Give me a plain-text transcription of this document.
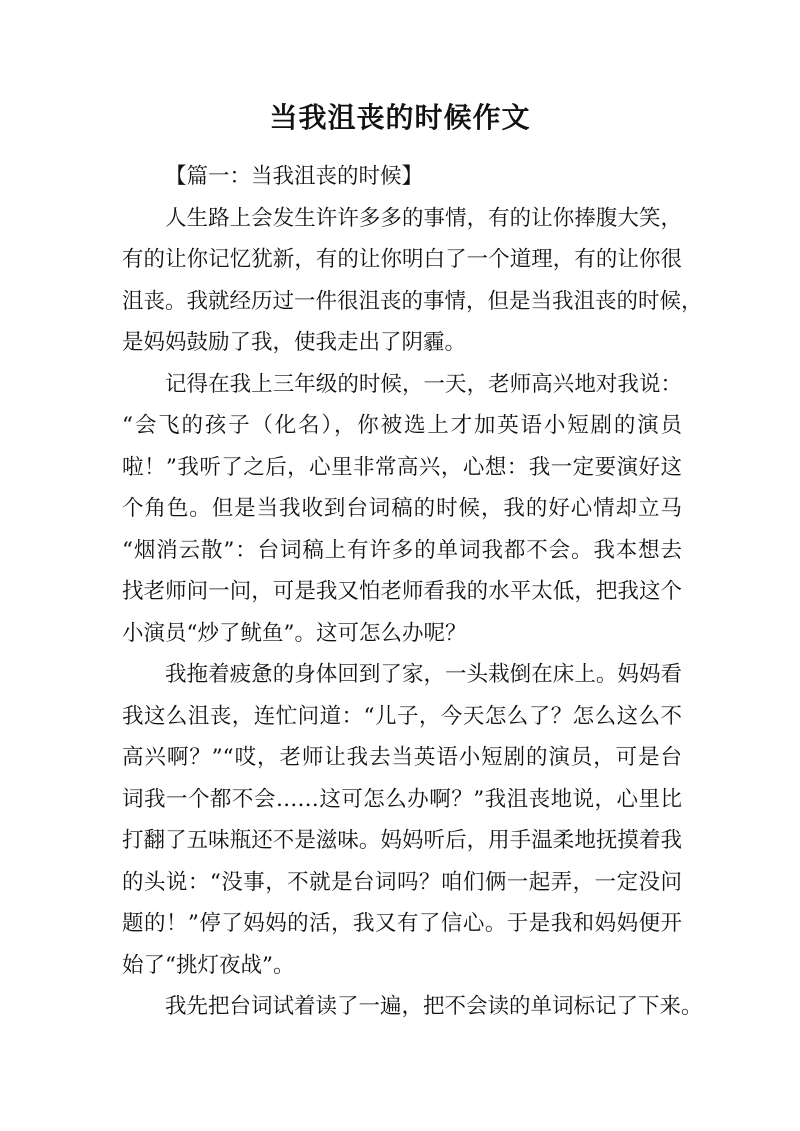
当我沮丧的时候作文
【篇一：当我沮丧的时候】
人生路上会发生许许多多的事情，有的让你捧腹大笑，
有的让你记忆犹新，有的让你明白了一个道理，有的让你很
沮丧。我就经历过一件很沮丧的事情，但是当我沮丧的时候，
是妈妈鼓励了我，使我走出了阴霾。
记得在我上三年级的时候，一天，老师高兴地对我说：
“会飞的孩子（化名），你被选上才加英语小短剧的演员
啦！”我听了之后，心里非常高兴，心想：我一定要演好这
个角色。但是当我收到台词稿的时候，我的好心情却立马
“烟消云散”：台词稿上有许多的单词我都不会。我本想去
找老师问一问，可是我又怕老师看我的水平太低，把我这个
小演员“炒了鱿鱼”。这可怎么办呢？
我拖着疲惫的身体回到了家，一头栽倒在床上。妈妈看
我这么沮丧，连忙问道：“儿子，今天怎么了？怎么这么不
高兴啊？”“哎，老师让我去当英语小短剧的演员，可是台
词我一个都不会……这可怎么办啊？”我沮丧地说，心里比
打翻了五味瓶还不是滋味。妈妈听后，用手温柔地抚摸着我
的头说：“没事，不就是台词吗？咱们俩一起弄，一定没问
题的！”停了妈妈的活，我又有了信心。于是我和妈妈便开
始了“挑灯夜战”。
我先把台词试着读了一遍，把不会读的单词标记了下来。
